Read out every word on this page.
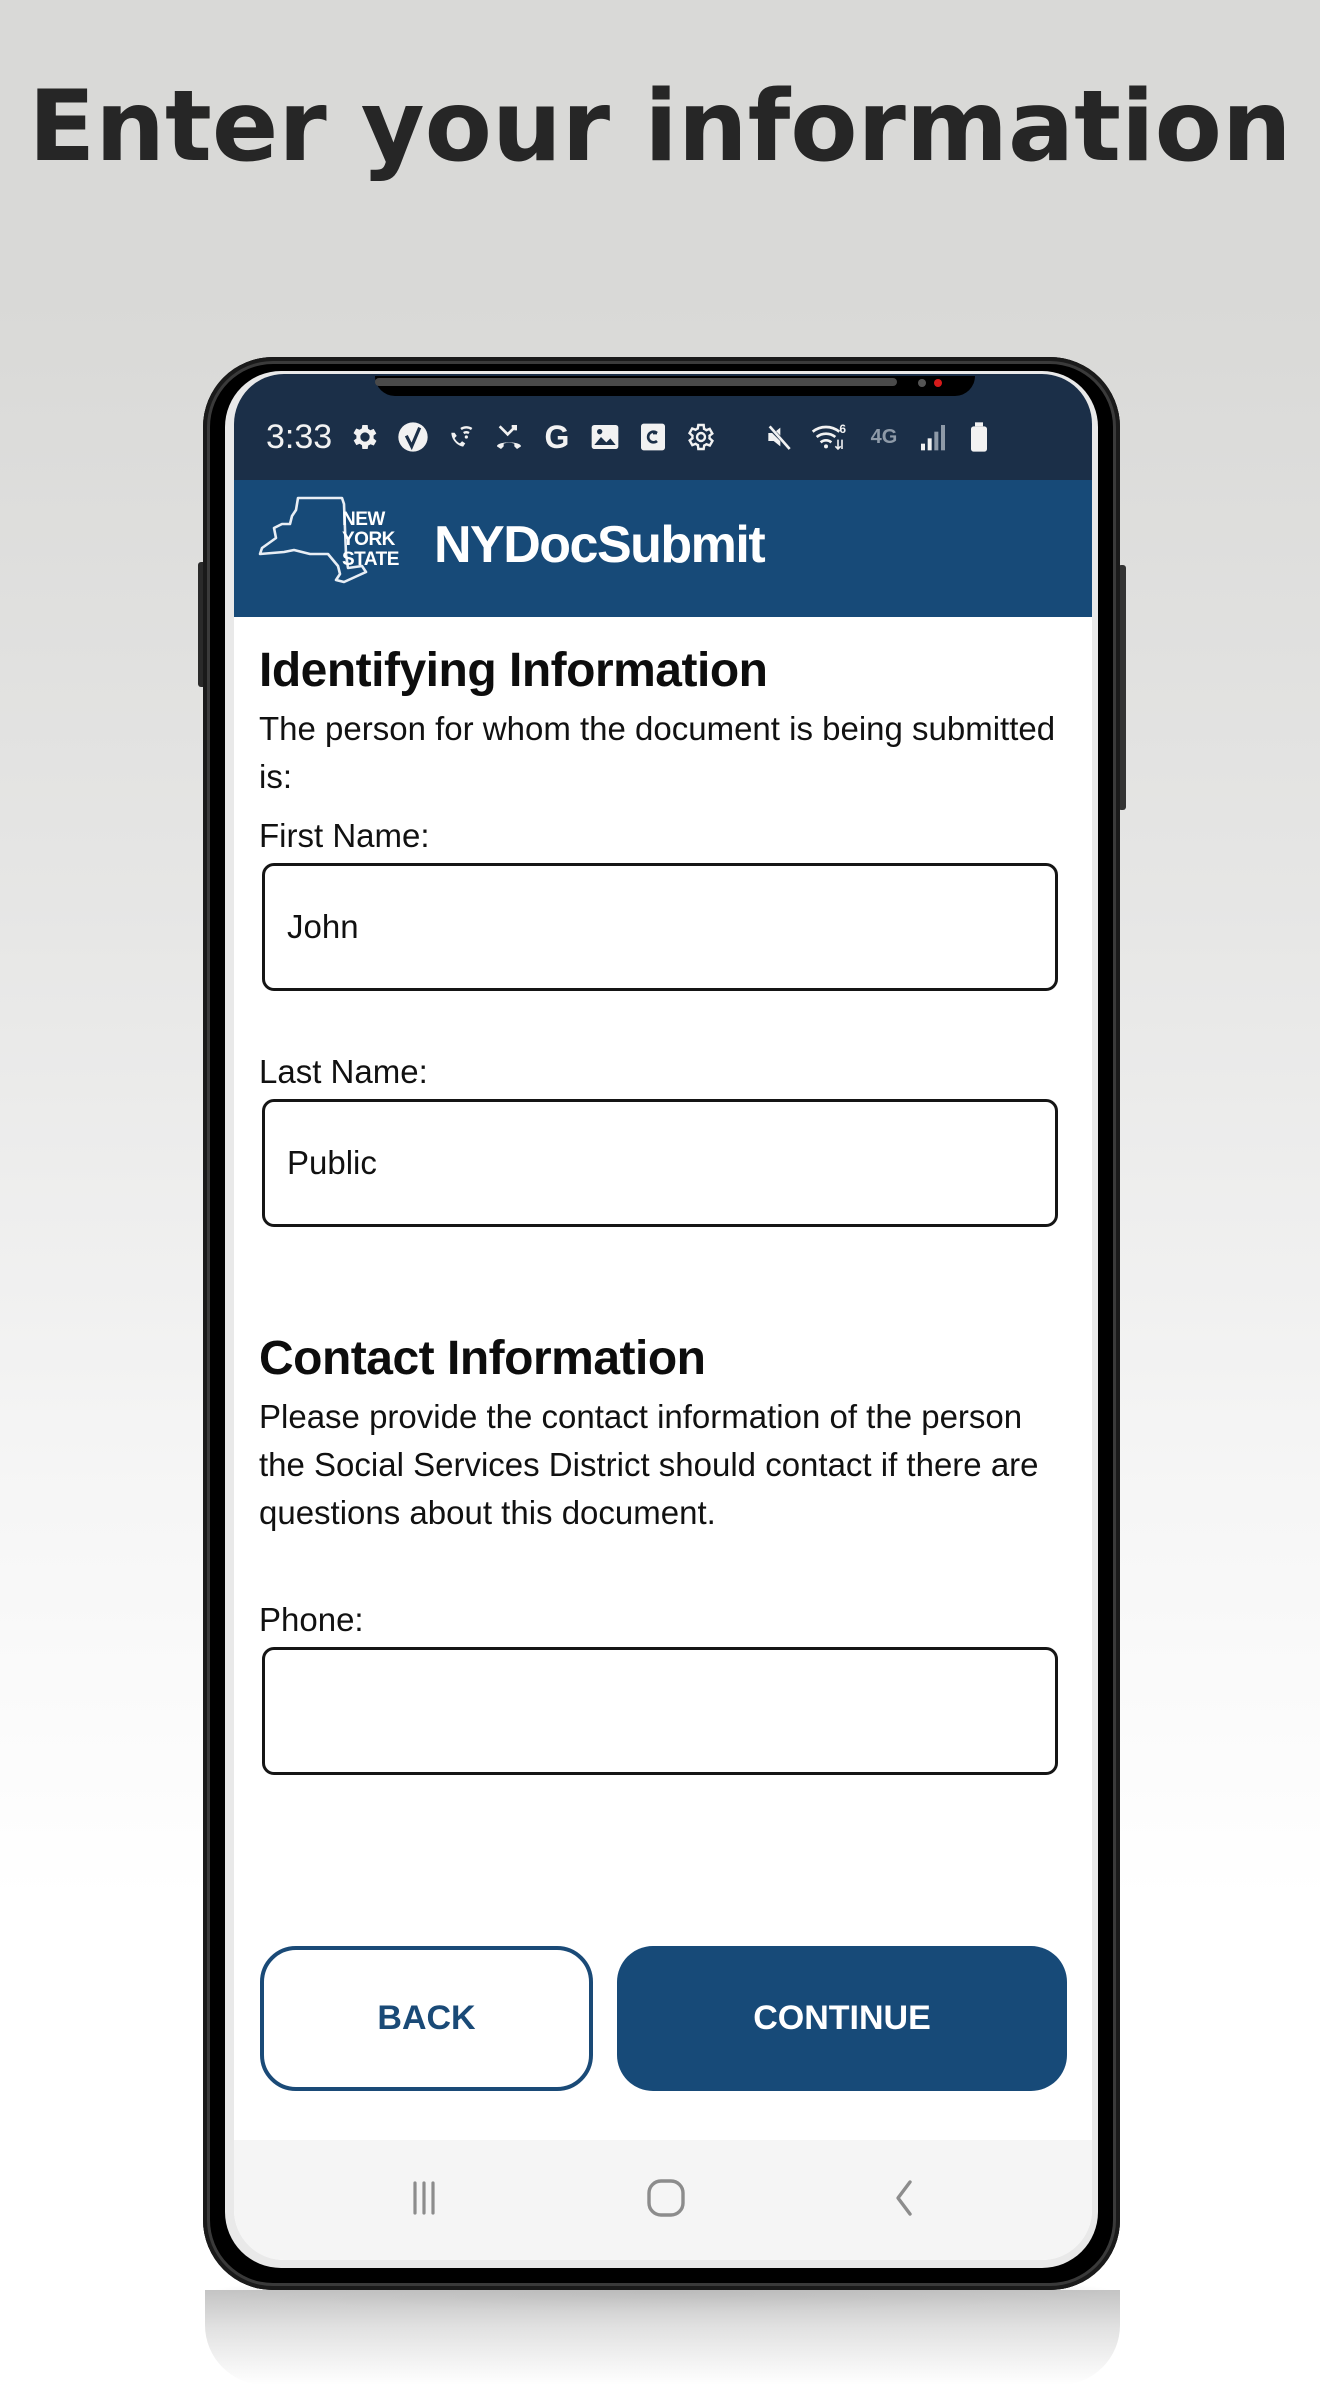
Enter your information
3:33	G	6	4G
NEW
YORK
STATE NYDocSubmit
Identifying Information
The person for whom the document is being submitted is:
First Name:
John
Last Name:
Public
Contact Information
Please provide the contact information of the person the Social Services District should contact if there are questions about this document.
Phone:
BACK	CONTINUE
